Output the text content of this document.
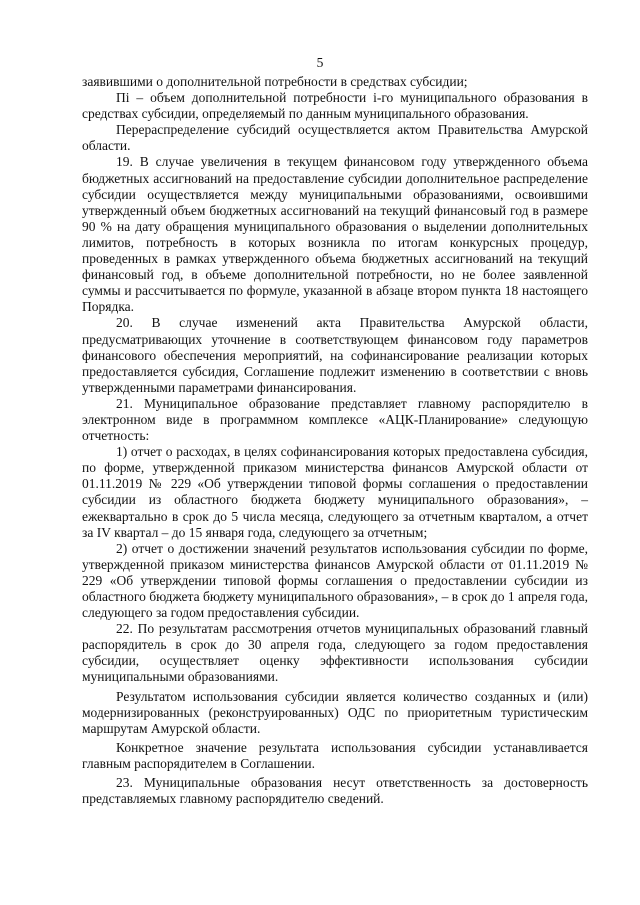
5

заявившими о дополнительной потребности в средствах субсидии;

Пi – объем дополнительной потребности i-го муниципального образования в средствах субсидии, определяемый по данным муниципального образования.

Перераспределение субсидий осуществляется актом Правительства Амурской области.

19. В случае увеличения в текущем финансовом году утвержденного объема бюджетных ассигнований на предоставление субсидии дополнительное распределение субсидии осуществляется между муниципальными образованиями, освоившими утвержденный объем бюджетных ассигнований на текущий финансовый год в размере 90 % на дату обращения муниципального образования о выделении дополнительных лимитов, потребность в которых возникла по итогам конкурсных процедур, проведенных в рамках утвержденного объема бюджетных ассигнований на текущий финансовый год, в объеме дополнительной потребности, но не более заявленной суммы и рассчитывается по формуле, указанной в абзаце втором пункта 18 настоящего Порядка.

20. В случае изменений акта Правительства Амурской области, предусматривающих уточнение в соответствующем финансовом году параметров финансового обеспечения мероприятий, на софинансирование реализации которых предоставляется субсидия, Соглашение подлежит изменению в соответствии с вновь утвержденными параметрами финансирования.

21. Муниципальное образование представляет главному распорядителю в электронном виде в программном комплексе «АЦК-Планирование» следующую отчетность:

1) отчет о расходах, в целях софинансирования которых предоставлена субсидия, по форме, утвержденной приказом министерства финансов Амурской области от 01.11.2019 № 229 «Об утверждении типовой формы соглашения о предоставлении субсидии из областного бюджета бюджету муниципального образования», – ежеквартально в срок до 5 числа месяца, следующего за отчетным кварталом, а отчет за IV квартал – до 15 января года, следующего за отчетным;

2) отчет о достижении значений результатов использования субсидии по форме, утвержденной приказом министерства финансов Амурской области от 01.11.2019 № 229 «Об утверждении типовой формы соглашения о предоставлении субсидии из областного бюджета бюджету муниципального образования», – в срок до 1 апреля года, следующего за годом предоставления субсидии.

22. По результатам рассмотрения отчетов муниципальных образований главный распорядитель в срок до 30 апреля года, следующего за годом предоставления субсидии, осуществляет оценку эффективности использования субсидии муниципальными образованиями.

Результатом использования субсидии является количество созданных и (или) модернизированных (реконструированных) ОДС по приоритетным туристическим маршрутам Амурской области.

Конкретное значение результата использования субсидии устанавливается главным распорядителем в Соглашении.

23. Муниципальные образования несут ответственность за достоверность представляемых главному распорядителю сведений.
